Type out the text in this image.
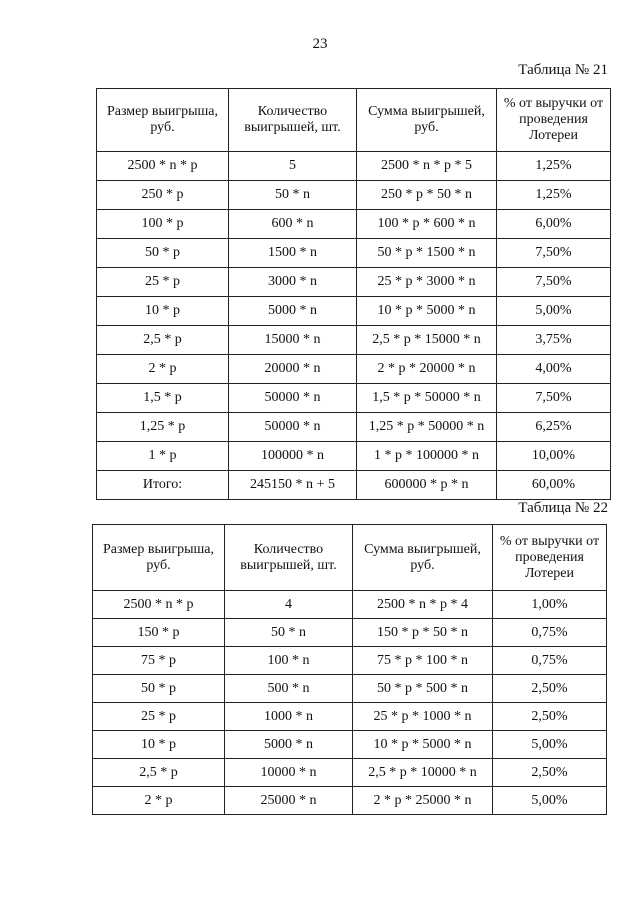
23
Таблица № 21
Размер выигрыша, руб.	Количество выигрышей, шт.	Сумма выигрышей, руб.	% от выручки от проведения Лотереи
2500 * n * p	5	2500 * n * p * 5	1,25%
250 * p	50 * n	250 * p * 50 * n	1,25%
100 * p	600 * n	100 * p * 600 * n	6,00%
50 * p	1500 * n	50 * p * 1500 * n	7,50%
25 * p	3000 * n	25 * p * 3000 * n	7,50%
10 * p	5000 * n	10 * p * 5000 * n	5,00%
2,5 * p	15000 * n	2,5 * p * 15000 * n	3,75%
2 * p	20000 * n	2 * p * 20000 * n	4,00%
1,5 * p	50000 * n	1,5 * p * 50000 * n	7,50%
1,25 * p	50000 * n	1,25 * p * 50000 * n	6,25%
1 * p	100000 * n	1 * p * 100000 * n	10,00%
Итого:	245150 * n + 5	600000 * p * n	60,00%
Таблица № 22
Размер выигрыша, руб.	Количество выигрышей, шт.	Сумма выигрышей, руб.	% от выручки от проведения Лотереи
2500 * n * p	4	2500 * n * p * 4	1,00%
150 * p	50 * n	150 * p * 50 * n	0,75%
75 * p	100 * n	75 * p * 100 * n	0,75%
50 * p	500 * n	50 * p * 500 * n	2,50%
25 * p	1000 * n	25 * p * 1000 * n	2,50%
10 * p	5000 * n	10 * p * 5000 * n	5,00%
2,5 * p	10000 * n	2,5 * p * 10000 * n	2,50%
2 * p	25000 * n	2 * p * 25000 * n	5,00%
